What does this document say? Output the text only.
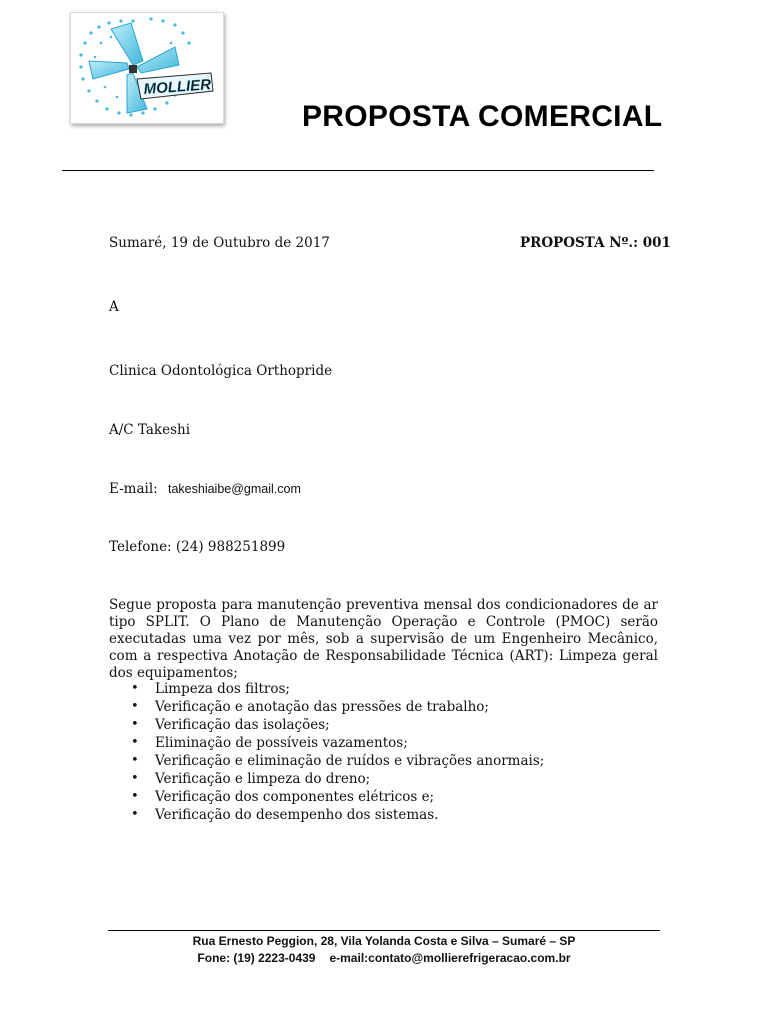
MOLLIER
PROPOSTA COMERCIAL
Sumaré, 19 de Outubro de 2017	PROPOSTA Nº.: 001
A
Clinica Odontológica Orthopride
A/C Takeshi
E-mail: takeshiaibe@gmail.com
Telefone: (24) 988251899
Segue proposta para manutenção preventiva mensal dos condicionadores de ar tipo SPLIT. O Plano de Manutenção Operação e Controle (PMOC) serão executadas uma vez por mês, sob a supervisão de um Engenheiro Mecânico, com a respectiva Anotação de Responsabilidade Técnica (ART): Limpeza geral dos equipamentos;
• Limpeza dos filtros;
• Verificação e anotação das pressões de trabalho;
• Verificação das isolações;
• Eliminação de possíveis vazamentos;
• Verificação e eliminação de ruídos e vibrações anormais;
• Verificação e limpeza do dreno;
• Verificação dos componentes elétricos e;
• Verificação do desempenho dos sistemas.
Rua Ernesto Peggion, 28, Vila Yolanda Costa e Silva – Sumaré – SP
Fone: (19) 2223-0439 e-mail:contato@mollierefrigeracao.com.br
